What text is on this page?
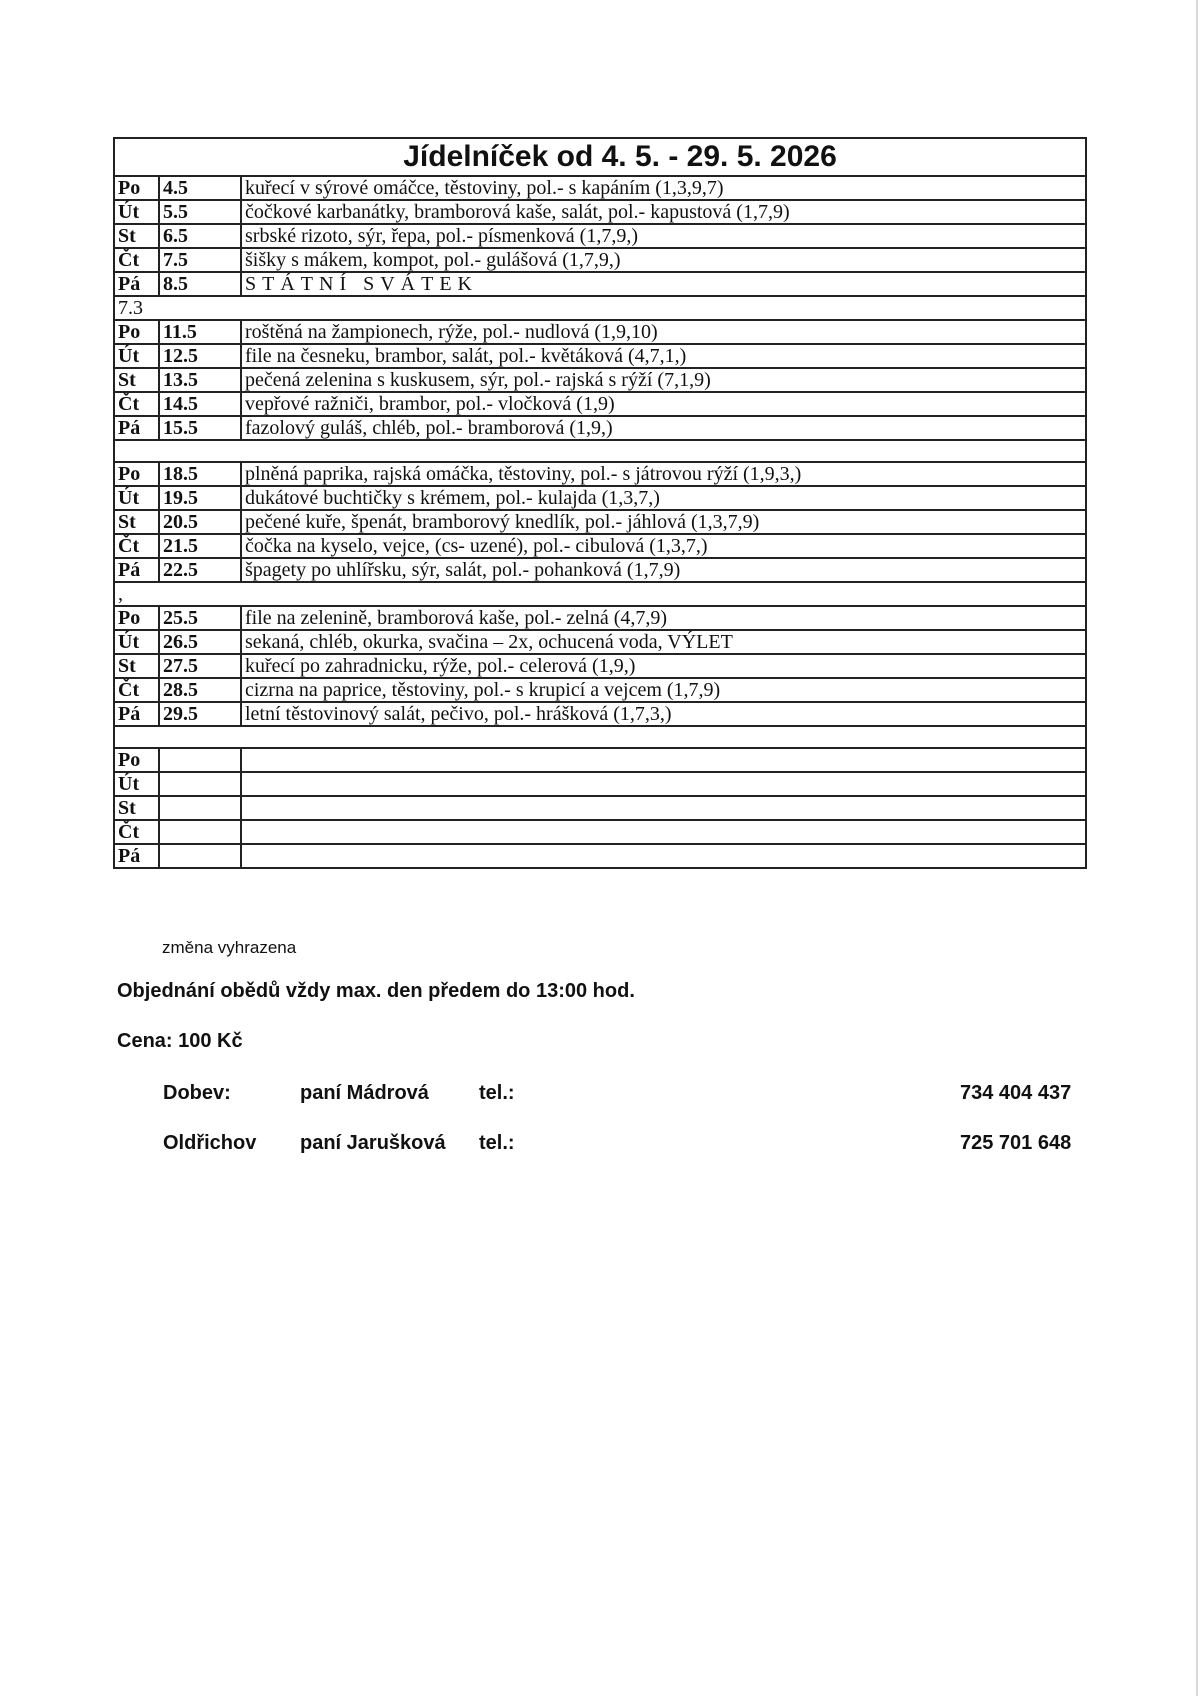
Jídelníček od 4. 5. - 29. 5. 2026		
Po	4.5	kuřecí v sýrové omáčce, těstoviny, pol.- s kapáním (1,3,9,7)
Út	5.5	čočkové karbanátky, bramborová kaše, salát, pol.- kapustová (1,7,9)
St	6.5	srbské rizoto, sýr, řepa, pol.- písmenková (1,7,9,)
Čt	7.5	šišky s mákem, kompot, pol.- gulášová (1,7,9,)
Pá	8.5	STÁTNÍ SVÁTEK
7.3		
Po	11.5	roštěná na žampionech, rýže, pol.- nudlová (1,9,10)
Út	12.5	file na česneku, brambor, salát, pol.- květáková (4,7,1,)
St	13.5	pečená zelenina s kuskusem, sýr, pol.- rajská s rýží (7,1,9)
Čt	14.5	vepřové ražniči, brambor, pol.- vločková (1,9)
Pá	15.5	fazolový guláš, chléb, pol.- bramborová (1,9,)

Po	18.5	plněná paprika, rajská omáčka, těstoviny, pol.- s játrovou rýží (1,9,3,)
Út	19.5	dukátové buchtičky s krémem, pol.- kulajda (1,3,7,)
St	20.5	pečené kuře, špenát, bramborový knedlík, pol.- jáhlová (1,3,7,9)
Čt	21.5	čočka na kyselo, vejce, (cs- uzené), pol.- cibulová (1,3,7,)
Pá	22.5	špagety po uhlířsku, sýr, salát, pol.- pohanková (1,7,9)
,		
Po	25.5	file na zelenině, bramborová kaše, pol.- zelná (4,7,9)
Út	26.5	sekaná, chléb, okurka, svačina – 2x, ochucená voda, VÝLET
St	27.5	kuřecí po zahradnicku, rýže, pol.- celerová (1,9,)
Čt	28.5	cizrna na paprice, těstoviny, pol.- s krupicí a vejcem (1,7,9)
Pá	29.5	letní těstovinový salát, pečivo, pol.- hrášková (1,7,3,)

Po		
Út		
St		
Čt		
Pá		
změna vyhrazena
Objednání obědů vždy max. den předem do 13:00 hod.
Cena: 100 Kč
Dobev:	paní Mádrová	tel.:	734 404 437
Oldřichov paní Jarušková tel.:	725 701 648
